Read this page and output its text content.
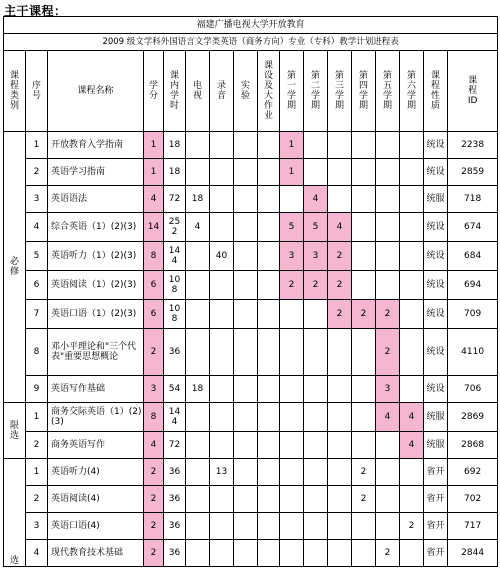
主干课程：
福建广播电视大学开放教育																
2009 级文学科外国语言文学类英语（商务方向）专业（专科）教学计划进程表																
课程类别	序号	课程名称	学分	课内学时	电视	录音	实验	课设及大作业	第一学期	第二学期	第三学期	第四学期	第五学期	第六学期	课程性质	课程ID
必修	1	开放教育入学指南	1	18					1						统设	2238
	2	英语学习指南	1	18					1						统设	2859
	3	英语语法	4	72	18					4					统服	718
	4	综合英语（1）(2)(3)	14	25 2	4				5	5	4				统设	674
	5	英语听力（1）(2)(3)	8	14 4		40			3	3	2				统设	684
	6	英语阅读（1）(2)(3)	6	10 8					2	2	2				统设	694
	7	英语口语（1）(2)(3)	6	10 8							2	2	2		统设	709
	8	邓小平理论和"三个代表"重要思想概论	2	36									2		统设	4110
	9	英语写作基础	3	54	18								3		统设	706
限选	1	商务交际英语（1）(2)(3)	8	14 4									4	4	统服	2869
	2	商务英语写作	4	72										4	统服	2868
选	1	英语听力(4)	2	36		13						2			省开	692
	2	英语阅读(4)	2	36								2			省开	702
	3	英语口语(4)	2	36										2	省开	717
	4	现代教育技术基础	2	36									2		省开	2844
